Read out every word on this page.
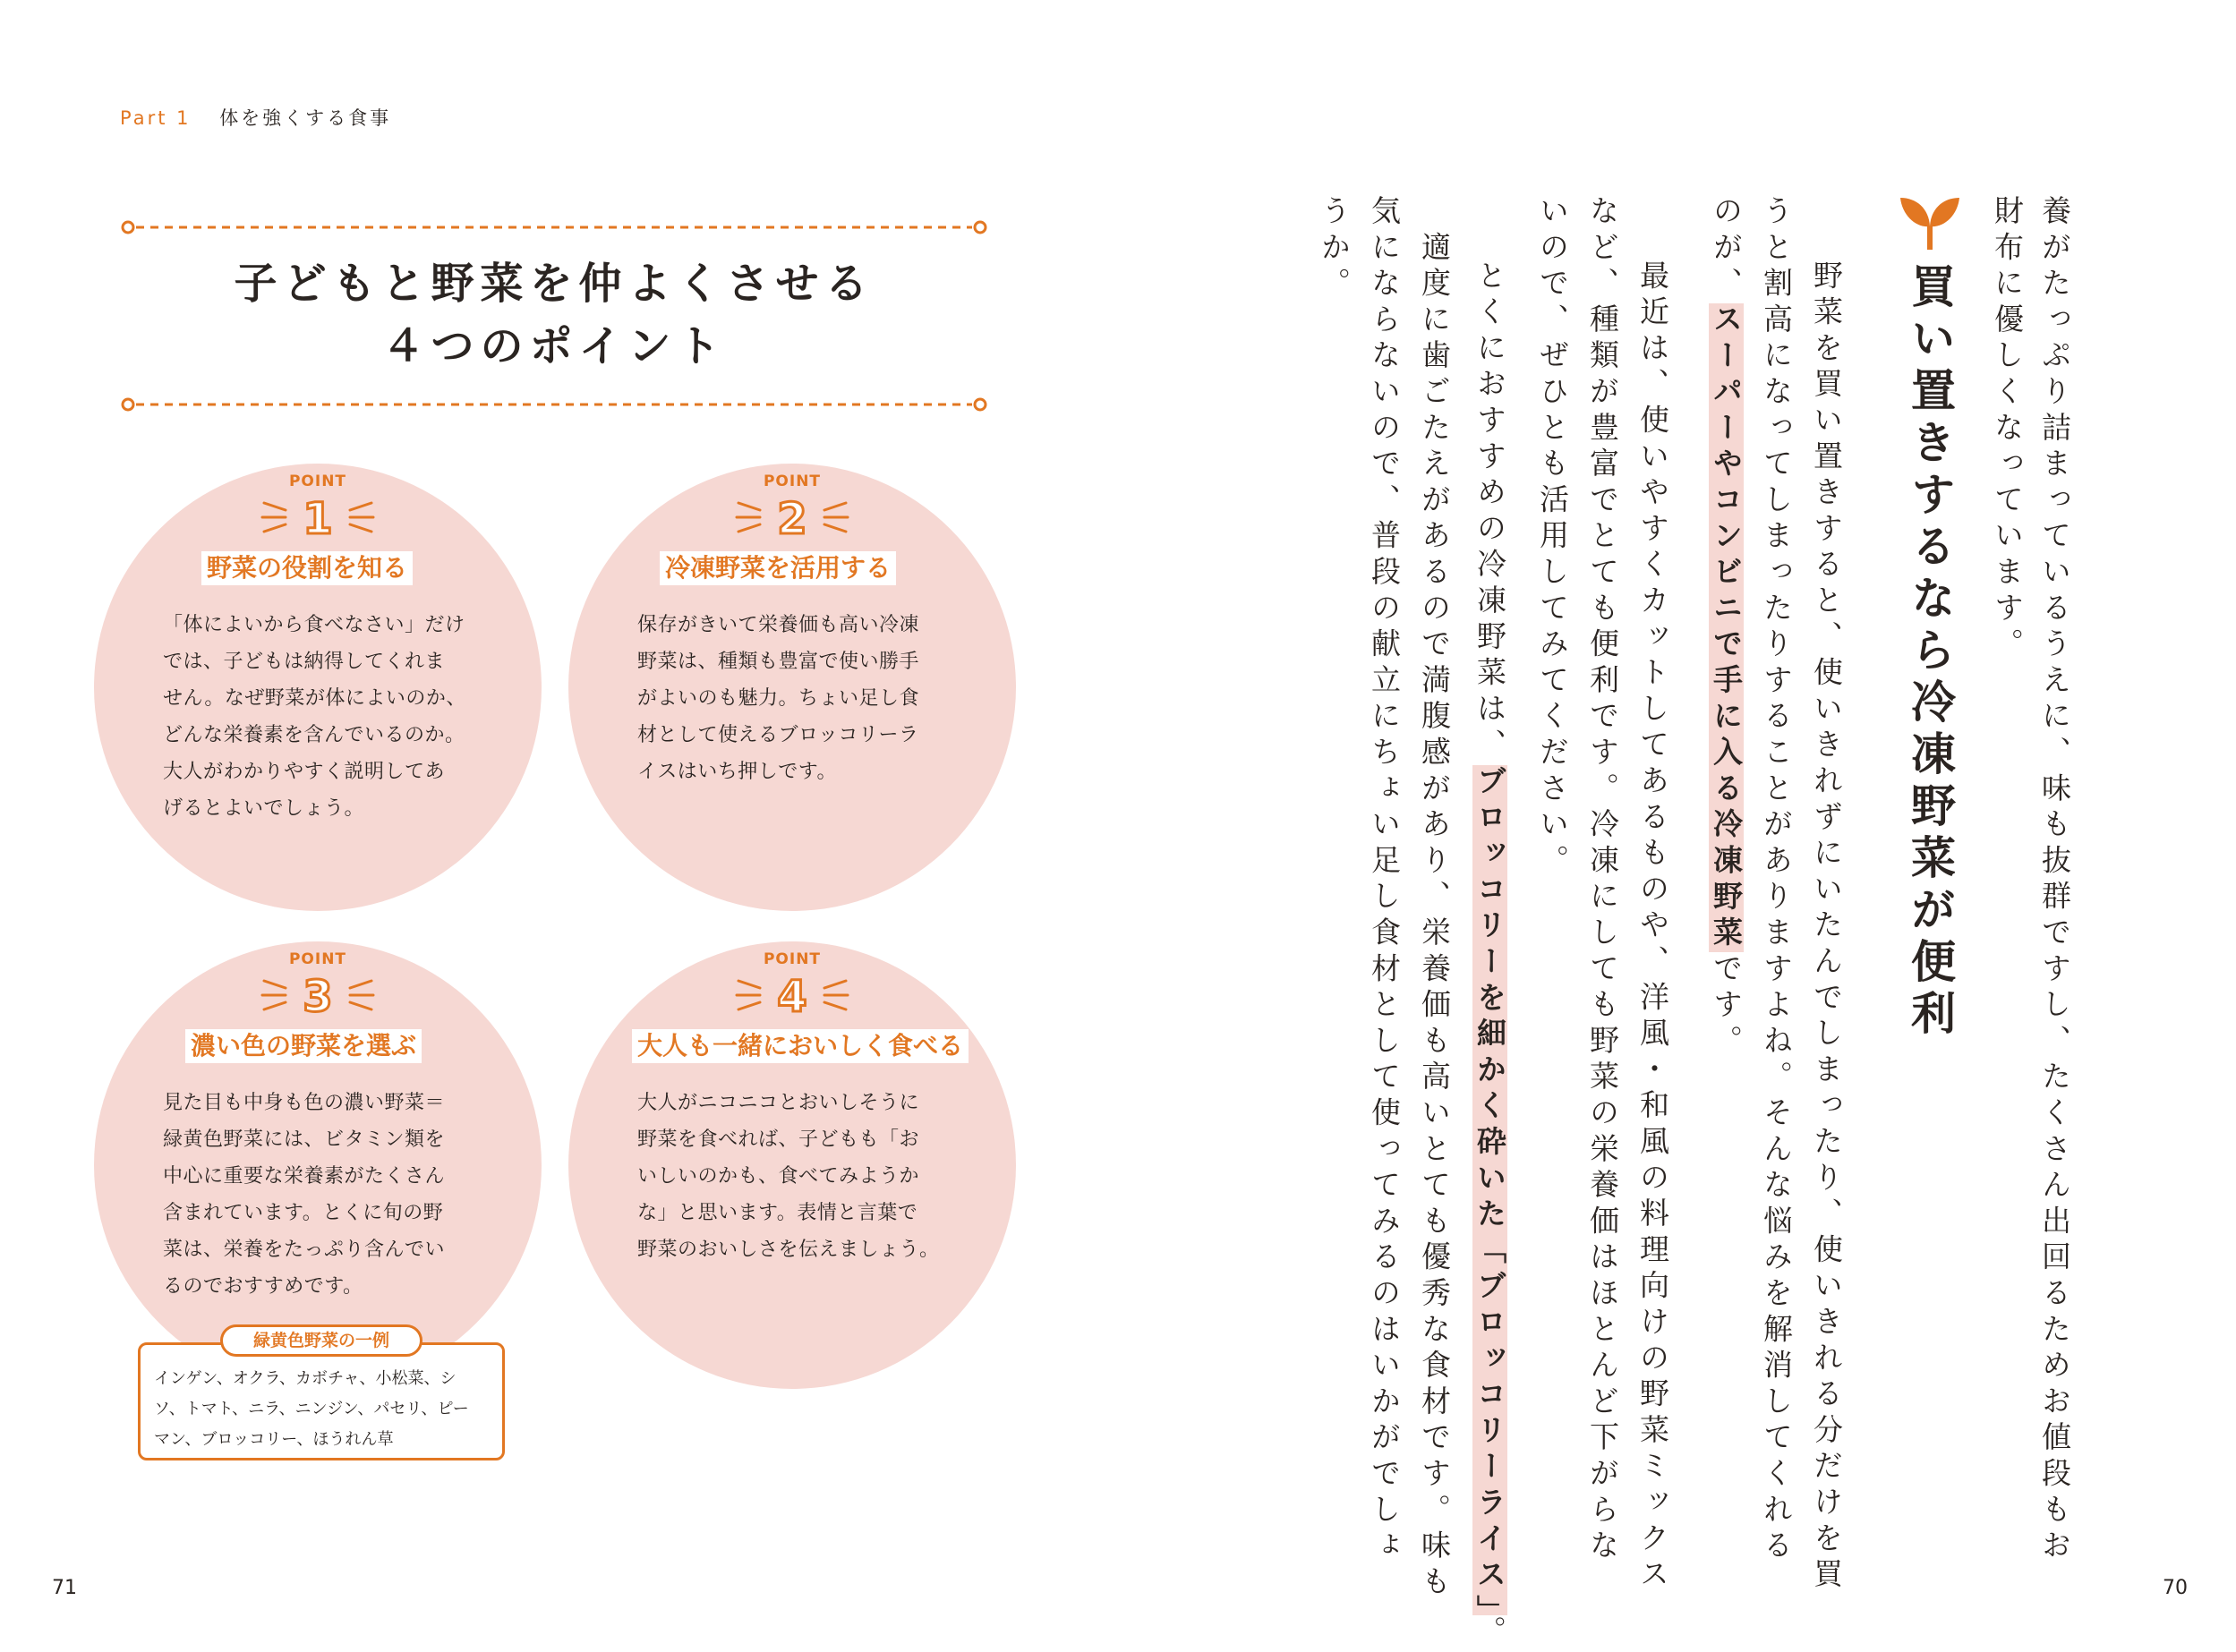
Part 1 体を強くする食事
子どもと野菜を仲よくさせる
４つのポイント
POINT
1
野菜の役割を知る
「体によいから食べなさい」だけ
では、子どもは納得してくれま
せん。なぜ野菜が体によいのか、
どんな栄養素を含んでいるのか。
大人がわかりやすく説明してあ
げるとよいでしょう。
POINT
2
冷凍野菜を活用する
保存がきいて栄養価も高い冷凍
野菜は、種類も豊富で使い勝手
がよいのも魅力。ちょい足し食
材として使えるブロッコリーラ
イスはいち押しです。
POINT
3
濃い色の野菜を選ぶ
見た目も中身も色の濃い野菜＝
緑黄色野菜には、ビタミン類を
中心に重要な栄養素がたくさん
含まれています。とくに旬の野
菜は、栄養をたっぷり含んでい
るのでおすすめです。
POINT
4
大人も一緒においしく食べる
大人がニコニコとおいしそうに
野菜を食べれば、子どもも「お
いしいのかも、食べてみようか
な」と思います。表情と言葉で
野菜のおいしさを伝えましょう。
緑黄色野菜の一例
インゲン、オクラ、カボチャ、小松菜、シ
ソ、トマト、ニラ、ニンジン、パセリ、ピー
マン、ブロッコリー、ほうれん草
71
養がたっぷり詰まっているうえに、味も抜群ですし、たくさん出回るためお値段もお
財布に優しくなっています。
買い置きするなら冷凍野菜が便利
　野菜を買い置きすると、使いきれずにいたんでしまったり、使いきれる分だけを買
うと割高になってしまったりすることがありますよね。そんな悩みを解消してくれる
のが、スーパーやコンビニで手に入る冷凍野菜です。
　最近は、使いやすくカットしてあるものや、洋風・和風の料理向けの野菜ミックス
など、種類が豊富でとても便利です。冷凍にしても野菜の栄養価はほとんど下がらな
いので、ぜひとも活用してみてください。
　とくにおすすめの冷凍野菜は、ブロッコリーを細かく砕いた「ブロッコリーライス」。
　適度に歯ごたえがあるので満腹感があり、栄養価も高いとても優秀な食材です。味も
気にならないので、普段の献立にちょい足し食材として使ってみるのはいかがでしょ
うか。
70
